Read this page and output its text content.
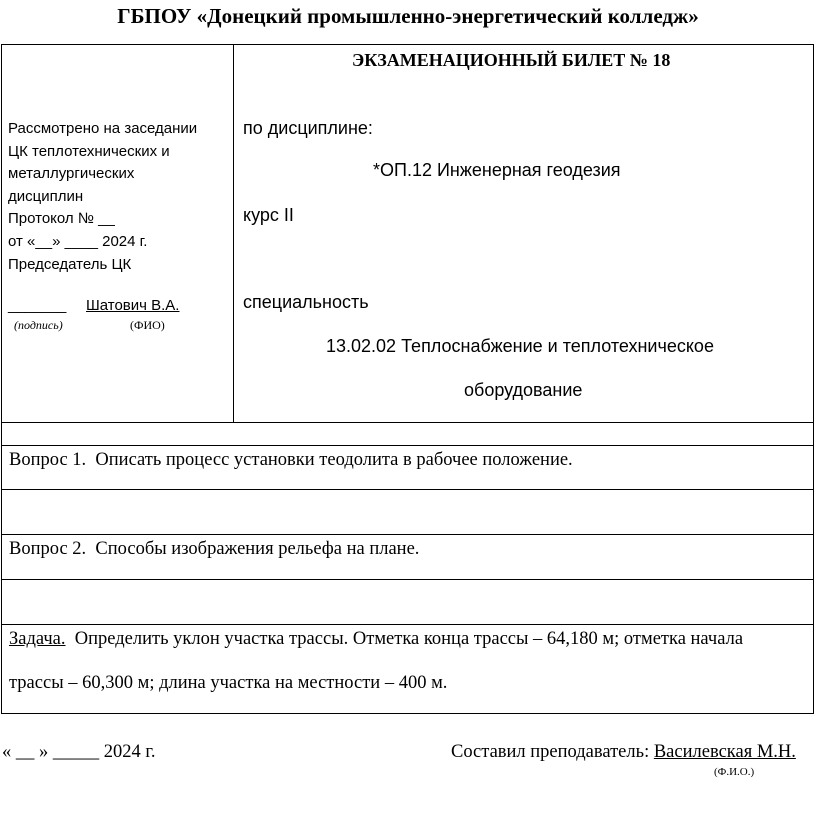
ГБПОУ «Донецкий промышленно-энергетический колледж»
Рассмотрено на заседании
ЦК теплотехнических и
металлургических
дисциплин
Протокол № __
от «__» ____ 2024 г.
Председатель ЦК
_______ Шатович В.А.
(подпись)	(ФИО)
ЭКЗАМЕНАЦИОННЫЙ БИЛЕТ № 18
по дисциплине:
*ОП.12 Инженерная геодезия
курс II
специальность
13.02.02 Теплоснабжение и теплотехническое
оборудование
Вопрос 1. Описать процесс установки теодолита в рабочее положение.
Вопрос 2. Способы изображения рельефа на плане.
Задача. Определить уклон участка трассы. Отметка конца трассы – 64,180 м; отметка начала
трассы – 60,300 м; длина участка на местности – 400 м.
« __ » _____ 2024 г.	Составил преподаватель: Василевская М.Н.
(Ф.И.О.)
